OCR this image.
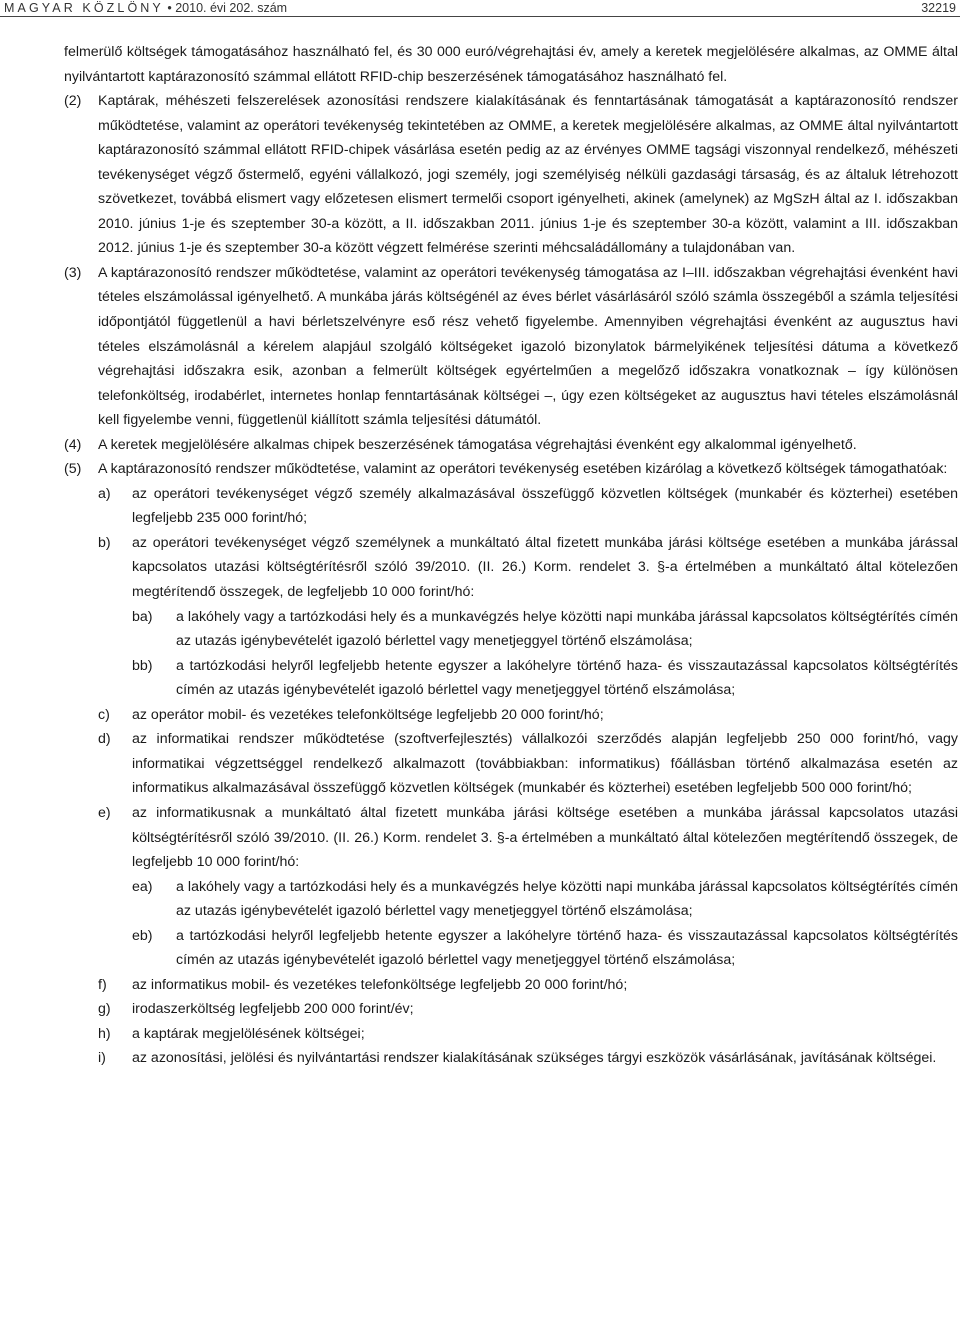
MAGYAR KÖZLÖNY • 2010. évi 202. szám	32219

felmerülő költségek támogatásához használható fel, és 30 000 euró/végrehajtási év, amely a keretek megjelölésére alkalmas, az OMME által nyilvántartott kaptárazonosító számmal ellátott RFID-chip beszerzésének támogatásához használható fel.

(2) Kaptárak, méhészeti felszerelések azonosítási rendszere kialakításának és fenntartásának támogatását a kaptárazonosító rendszer működtetése, valamint az operátori tevékenység tekintetében az OMME, a keretek megjelölésére alkalmas, az OMME által nyilvántartott kaptárazonosító számmal ellátott RFID-chipek vásárlása esetén pedig az az érvényes OMME tagsági viszonnyal rendelkező, méhészeti tevékenységet végző őstermelő, egyéni vállalkozó, jogi személy, jogi személyiség nélküli gazdasági társaság, és az általuk létrehozott szövetkezet, továbbá elismert vagy előzetesen elismert termelői csoport igényelheti, akinek (amelynek) az MgSzH által az I. időszakban 2010. június 1-je és szeptember 30-a között, a II. időszakban 2011. június 1-je és szeptember 30-a között, valamint a III. időszakban 2012. június 1-je és szeptember 30-a között végzett felmérése szerinti méhcsaládállomány a tulajdonában van.
(3) A kaptárazonosító rendszer működtetése, valamint az operátori tevékenység támogatása az I–III. időszakban végrehajtási évenként havi tételes elszámolással igényelhető. A munkába járás költségénél az éves bérlet vásárlásáról szóló számla összegéből a számla teljesítési időpontjától függetlenül a havi bérletszelvényre eső rész vehető figyelembe. Amennyiben végrehajtási évenként az augusztus havi tételes elszámolásnál a kérelem alapjául szolgáló költségeket igazoló bizonylatok bármelyikének teljesítési dátuma a következő végrehajtási időszakra esik, azonban a felmerült költségek egyértelműen a megelőző időszakra vonatkoznak – így különösen telefonköltség, irodabérlet, internetes honlap fenntartásának költségei –, úgy ezen költségeket az augusztus havi tételes elszámolásnál kell figyelembe venni, függetlenül kiállított számla teljesítési dátumától.
(4) A keretek megjelölésére alkalmas chipek beszerzésének támogatása végrehajtási évenként egy alkalommal igényelhető.
(5) A kaptárazonosító rendszer működtetése, valamint az operátori tevékenység esetében kizárólag a következő költségek támogathatóak:
a) az operátori tevékenységet végző személy alkalmazásával összefüggő közvetlen költségek (munkabér és közterhei) esetében legfeljebb 235 000 forint/hó;
b) az operátori tevékenységet végző személynek a munkáltató által fizetett munkába járási költsége esetében a munkába járással kapcsolatos utazási költségtérítésről szóló 39/2010. (II. 26.) Korm. rendelet 3. §-a értelmében a munkáltató által kötelezően megtérítendő összegek, de legfeljebb 10 000 forint/hó:
ba) a lakóhely vagy a tartózkodási hely és a munkavégzés helye közötti napi munkába járással kapcsolatos költségtérítés címén az utazás igénybevételét igazoló bérlettel vagy menetjeggyel történő elszámolása;
bb) a tartózkodási helyről legfeljebb hetente egyszer a lakóhelyre történő haza- és visszautazással kapcsolatos költségtérítés címén az utazás igénybevételét igazoló bérlettel vagy menetjeggyel történő elszámolása;
c) az operátor mobil- és vezetékes telefonköltsége legfeljebb 20 000 forint/hó;
d) az informatikai rendszer működtetése (szoftverfejlesztés) vállalkozói szerződés alapján legfeljebb 250 000 forint/hó, vagy informatikai végzettséggel rendelkező alkalmazott (továbbiakban: informatikus) főállásban történő alkalmazása esetén az informatikus alkalmazásával összefüggő közvetlen költségek (munkabér és közterhei) esetében legfeljebb 500 000 forint/hó;
e) az informatikusnak a munkáltató által fizetett munkába járási költsége esetében a munkába járással kapcsolatos utazási költségtérítésről szóló 39/2010. (II. 26.) Korm. rendelet 3. §-a értelmében a munkáltató által kötelezően megtérítendő összegek, de legfeljebb 10 000 forint/hó:
ea) a lakóhely vagy a tartózkodási hely és a munkavégzés helye közötti napi munkába járással kapcsolatos költségtérítés címén az utazás igénybevételét igazoló bérlettel vagy menetjeggyel történő elszámolása;
eb) a tartózkodási helyről legfeljebb hetente egyszer a lakóhelyre történő haza- és visszautazással kapcsolatos költségtérítés címén az utazás igénybevételét igazoló bérlettel vagy menetjeggyel történő elszámolása;
f) az informatikus mobil- és vezetékes telefonköltsége legfeljebb 20 000 forint/hó;
g) irodaszerköltség legfeljebb 200 000 forint/év;
h) a kaptárak megjelölésének költségei;
i) az azonosítási, jelölési és nyilvántartási rendszer kialakításának szükséges tárgyi eszközök vásárlásának, javításának költségei.
